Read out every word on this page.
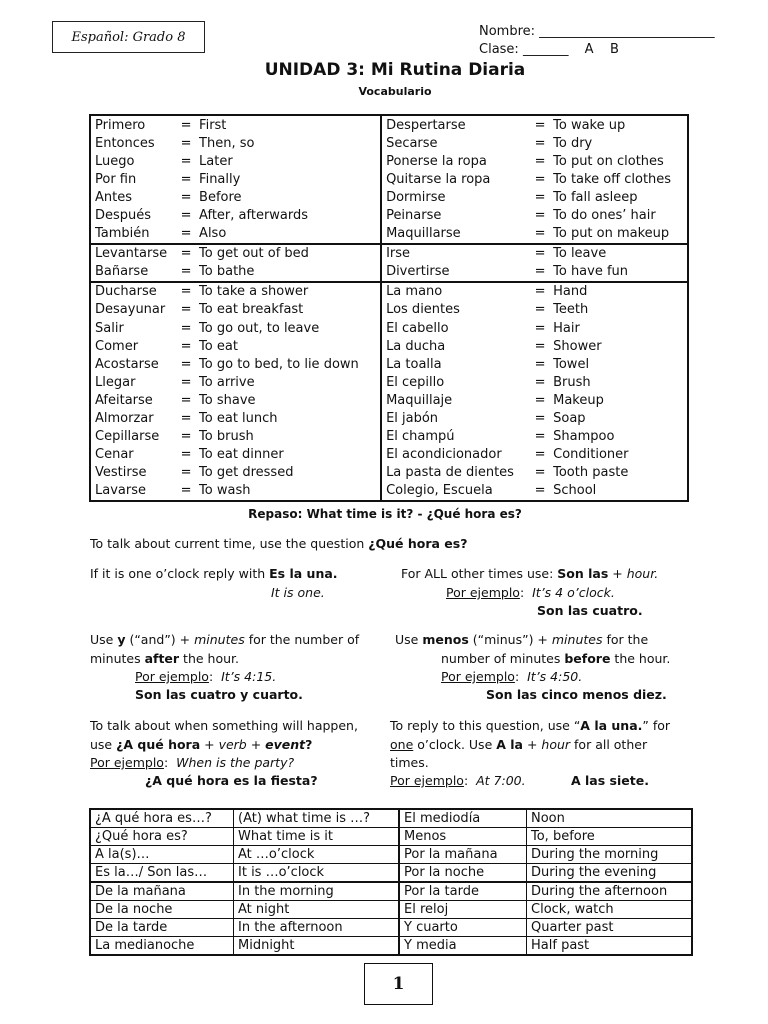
Español: Grado 8	Nombre: ___________________________
Clase: _______ A    B
UNIDAD 3: Mi Rutina Diaria
Vocabulario
Primero	=	First	Despertarse	=	To wake up
Entonces	=	Then, so	Secarse	=	To dry
Luego	=	Later	Ponerse la ropa	=	To put on clothes
Por fin	=	Finally	Quitarse la ropa	=	To take off clothes
Antes	=	Before	Dormirse	=	To fall asleep
Después	=	After, afterwards	Peinarse	=	To do ones’ hair
También	=	Also	Maquillarse	=	To put on makeup
Levantarse	=	To get out of bed	Irse	=	To leave
Bañarse	=	To bathe	Divertirse	=	To have fun
Ducharse	=	To take a shower	La mano	=	Hand
Desayunar	=	To eat breakfast	Los dientes	=	Teeth
Salir	=	To go out, to leave	El cabello	=	Hair
Comer	=	To eat	La ducha	=	Shower
Acostarse	=	To go to bed, to lie down	La toalla	=	Towel
Llegar	=	To arrive	El cepillo	=	Brush
Afeitarse	=	To shave	Maquillaje	=	Makeup
Almorzar	=	To eat lunch	El jabón	=	Soap
Cepillarse	=	To brush	El champú	=	Shampoo
Cenar	=	To eat dinner	El acondicionador	=	Conditioner
Vestirse	=	To get dressed	La pasta de dientes	=	Tooth paste
Lavarse	=	To wash	Colegio, Escuela	=	School
Repaso: What time is it? - ¿Qué hora es?
To talk about current time, use the question ¿Qué hora es?
If it is one o’clock reply with Es la una.
It is one.
For ALL other times use: Son las + hour.
Por ejemplo:  It’s 4 o’clock.
Son las cuatro.
Use y (“and”) + minutes for the number of
minutes after the hour.
Por ejemplo:  It’s 4:15.
Son las cuatro y cuarto.
Use menos (“minus”) + minutes for the
number of minutes before the hour.
Por ejemplo:  It’s 4:50.
Son las cinco menos diez.
To talk about when something will happen,
use ¿A qué hora + verb + event?
Por ejemplo:  When is the party?
¿A qué hora es la fiesta?
To reply to this question, use “A la una.” for
one o’clock. Use A la + hour for all other
times.
Por ejemplo:  At 7:00.	A las siete.
¿A qué hora es…?	(At) what time is …?	El mediodía	Noon
¿Qué hora es?	What time is it	Menos	To, before
A la(s)…	At …o’clock	Por la mañana	During the morning
Es la…/ Son las…	It is …o’clock	Por la noche	During the evening
De la mañana	In the morning	Por la tarde	During the afternoon
De la noche	At night	El reloj	Clock, watch
De la tarde	In the afternoon	Y cuarto	Quarter past
La medianoche	Midnight	Y media	Half past
1
